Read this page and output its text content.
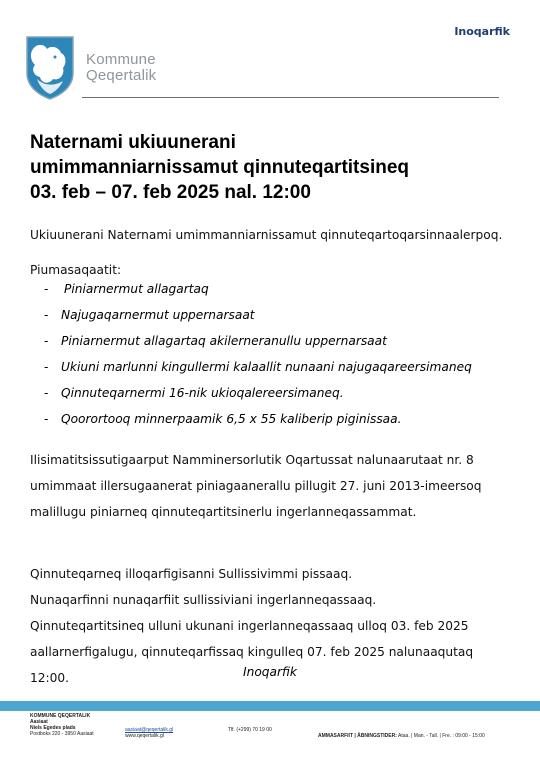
Inoqarfik
Kommune
Qeqertalik
Naternami ukiuunerani
umimmanniarnissamut qinnuteqartitsineq
03. feb – 07. feb 2025 nal. 12:00
Ukiuunerani Naternami umimmanniarnissamut qinnuteqartoqarsinnaalerpoq.
Piumasaqaatit:
-	Piniarnermut allagartaq
-	Najugaqarnermut uppernarsaat
-	Piniarnermut allagartaq akilerneranullu uppernarsaat
-	Ukiuni marlunni kingullermi kalaallit nunaani najugaqareersimaneq
-	Qinnuteqarnermi 16-nik ukioqalereersimaneq.
-	Qoorortooq minnerpaamik 6,5 x 55 kaliberip piginissaa.
Ilisimatitsissutigaarput Namminersorlutik Oqartussat nalunaarutaat nr. 8
umimmaat illersugaanerat piniagaanerallu pillugit 27. juni 2013-imeersoq
malillugu piniarneq qinnuteqartitsinerlu ingerlanneqassammat.
Qinnuteqarneq illoqarfigisanni Sullissivimmi pissaaq.
Nunaqarfinni nunaqarfiit sullissiviani ingerlanneqassaaq.
Qinnuteqartitsineq ulluni ukunani ingerlanneqassaaq ulloq 03. feb 2025
aallarnerfigalugu, qinnuteqarfissaq kingulleq 07. feb 2025 nalunaaqutaq 12:00.	Inoqarfik
KOMMUNE QEQERTALIK
Aasiaat
Niels Egedes plads
Postboks 220 - 3950 Aasiaat
aasiaat@qeqertalik.gl
www.qeqertalik.gl
Tlf. (+299) 70 19 00
AMMASARFIIT | ÅBNINGSTIDER: Ataa. | Man. - Tall. | Fre. : 09:00 - 15:00
